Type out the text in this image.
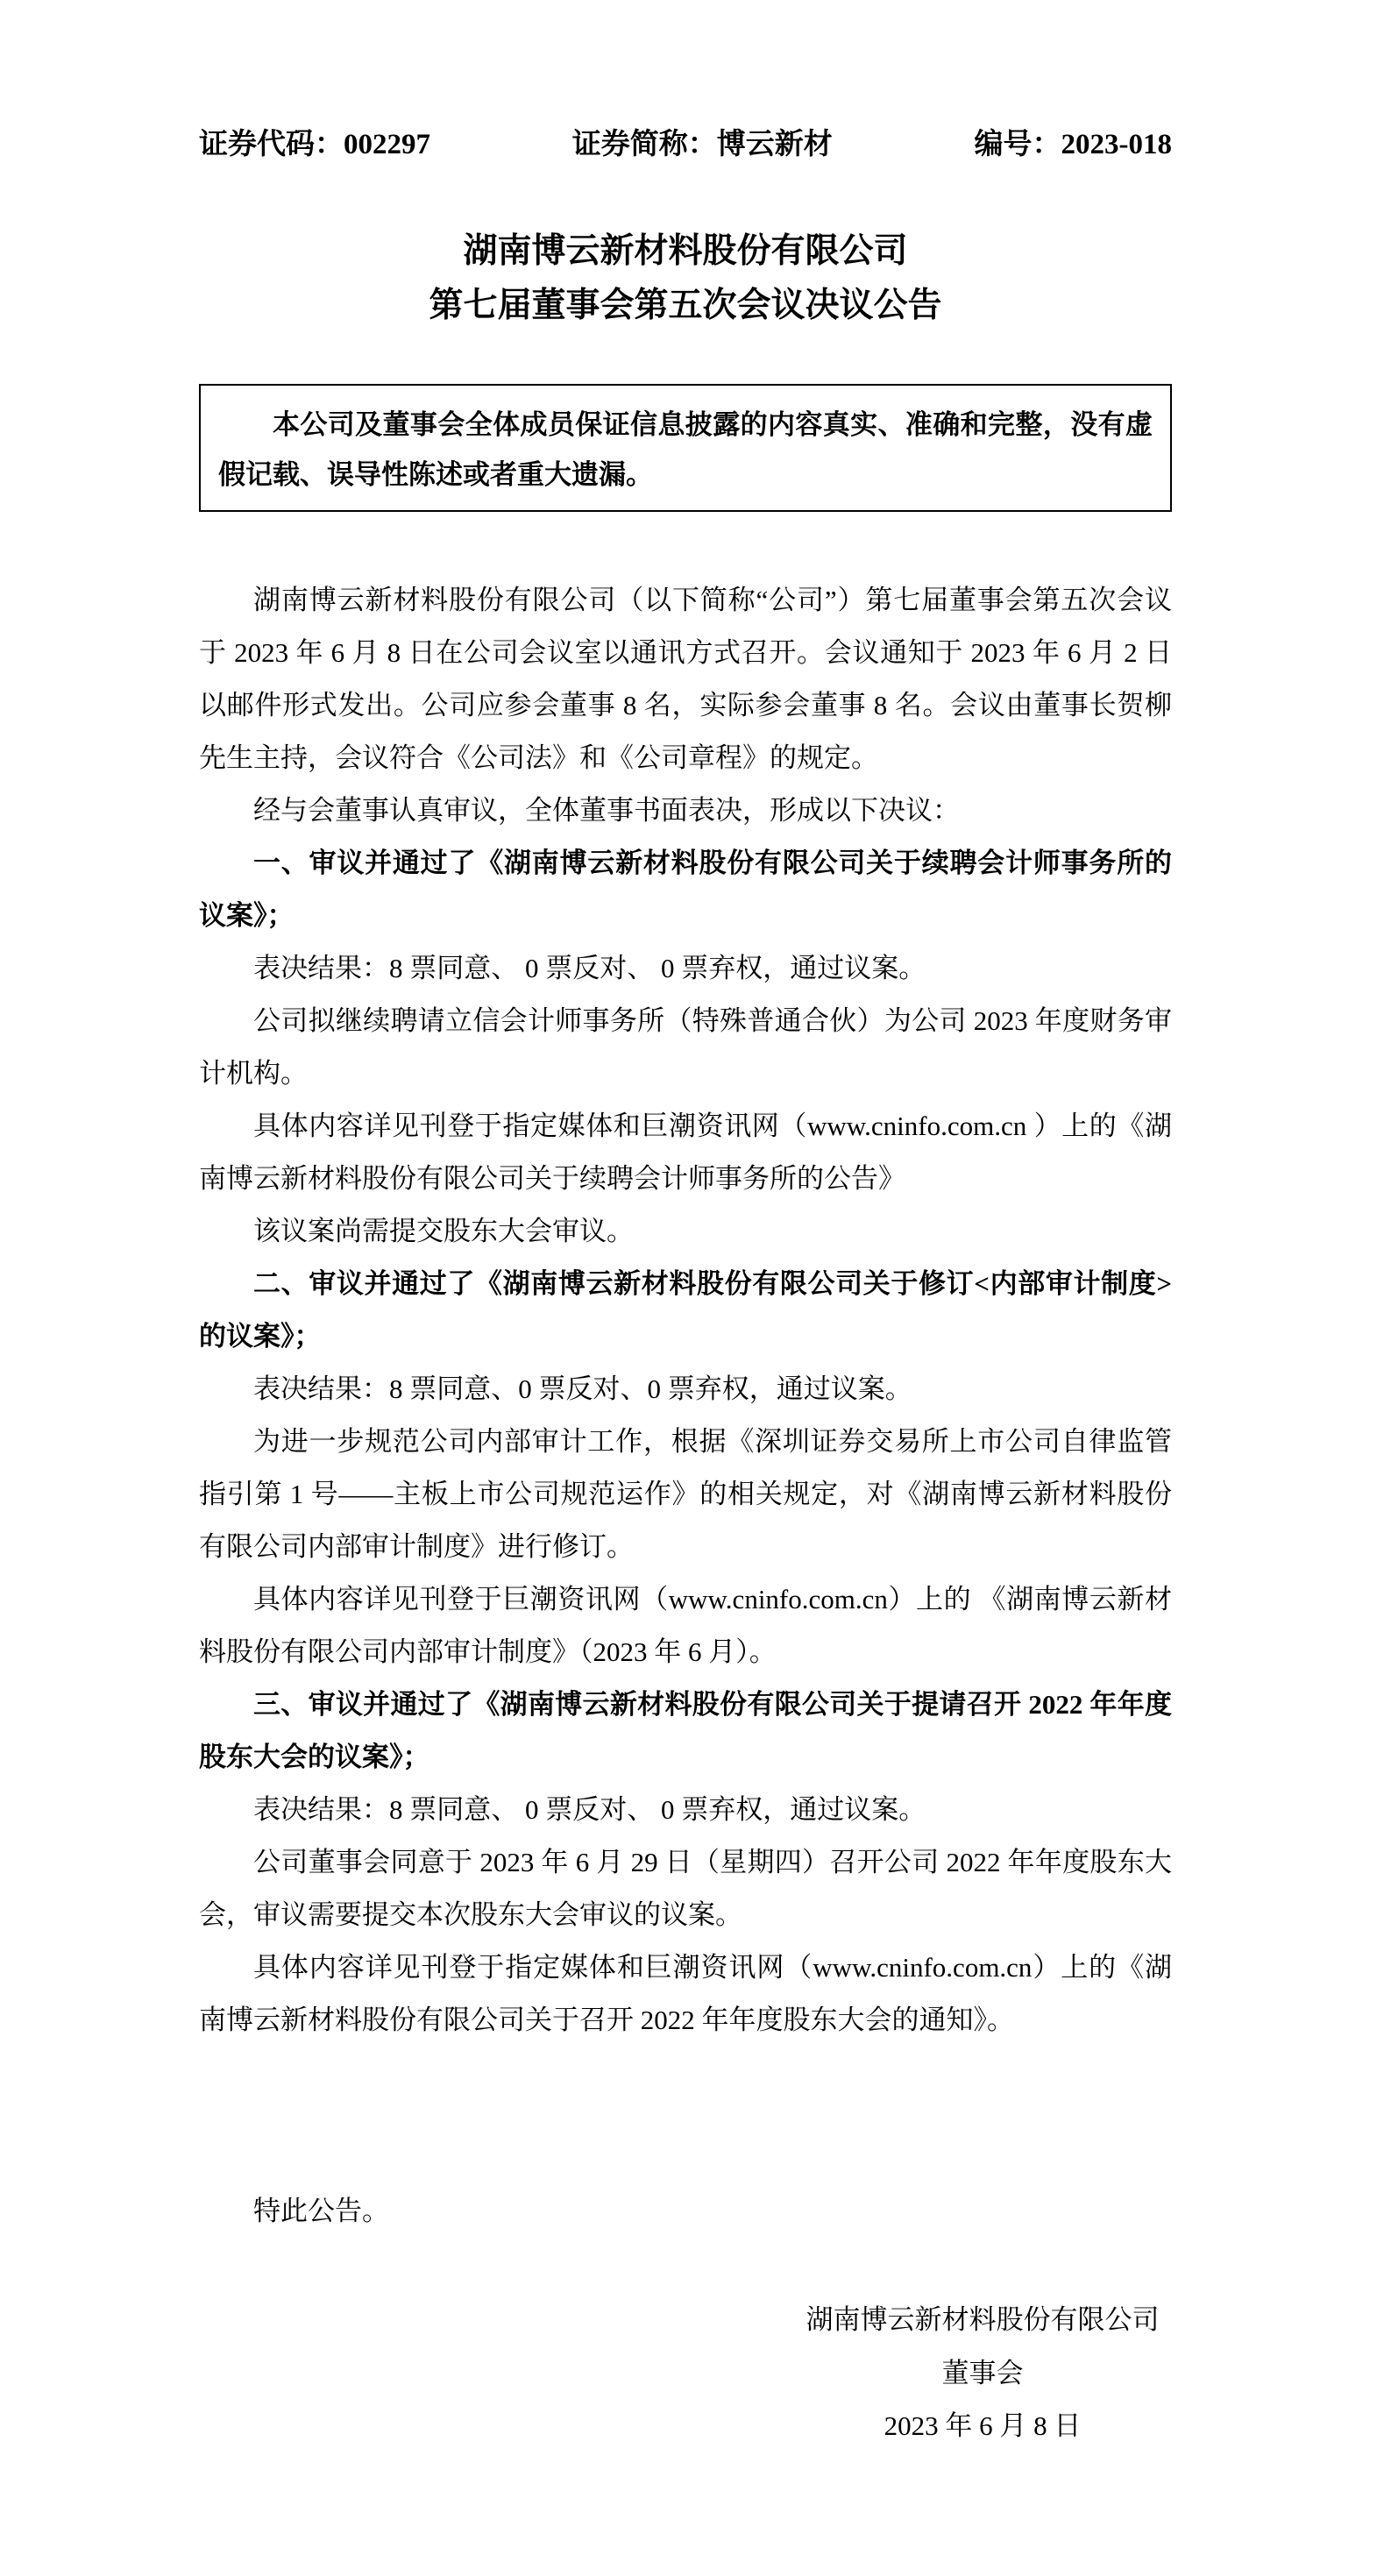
证券代码：002297	证券简称：博云新材	编号：2023-018
湖南博云新材料股份有限公司
第七届董事会第五次会议决议公告

本公司及董事会全体成员保证信息披露的内容真实、准确和完整，没有虚假记载、误导性陈述或者重大遗漏。

湖南博云新材料股份有限公司（以下简称“公司”）第七届董事会第五次会议于 2023 年 6 月 8 日在公司会议室以通讯方式召开。会议通知于 2023 年 6 月 2 日以邮件形式发出。公司应参会董事 8 名，实际参会董事 8 名。会议由董事长贺柳先生主持，会议符合《公司法》和《公司章程》的规定。

经与会董事认真审议，全体董事书面表决，形成以下决议：

一、审议并通过了《湖南博云新材料股份有限公司关于续聘会计师事务所的议案》；

表决结果：8 票同意、 0 票反对、 0 票弃权，通过议案。

公司拟继续聘请立信会计师事务所（特殊普通合伙）为公司 2023 年度财务审计机构。

具体内容详见刊登于指定媒体和巨潮资讯网（www.cninfo.com.cn ）上的《湖南博云新材料股份有限公司关于续聘会计师事务所的公告》

该议案尚需提交股东大会审议。

二、审议并通过了《湖南博云新材料股份有限公司关于修订<内部审计制度>的议案》；

表决结果：8 票同意、0 票反对、0 票弃权，通过议案。

为进一步规范公司内部审计工作，根据《深圳证券交易所上市公司自律监管指引第 1 号——主板上市公司规范运作》的相关规定，对《湖南博云新材料股份有限公司内部审计制度》进行修订。

具体内容详见刊登于巨潮资讯网（www.cninfo.com.cn）上的 《湖南博云新材料股份有限公司内部审计制度》（2023 年 6 月）。

三、审议并通过了《湖南博云新材料股份有限公司关于提请召开 2022 年年度股东大会的议案》；

表决结果：8 票同意、 0 票反对、 0 票弃权，通过议案。

公司董事会同意于 2023 年 6 月 29 日（星期四）召开公司 2022 年年度股东大会，审议需要提交本次股东大会审议的议案。

具体内容详见刊登于指定媒体和巨潮资讯网（www.cninfo.com.cn）上的《湖南博云新材料股份有限公司关于召开 2022 年年度股东大会的通知》。

特此公告。

湖南博云新材料股份有限公司
董事会
2023 年 6 月 8 日
